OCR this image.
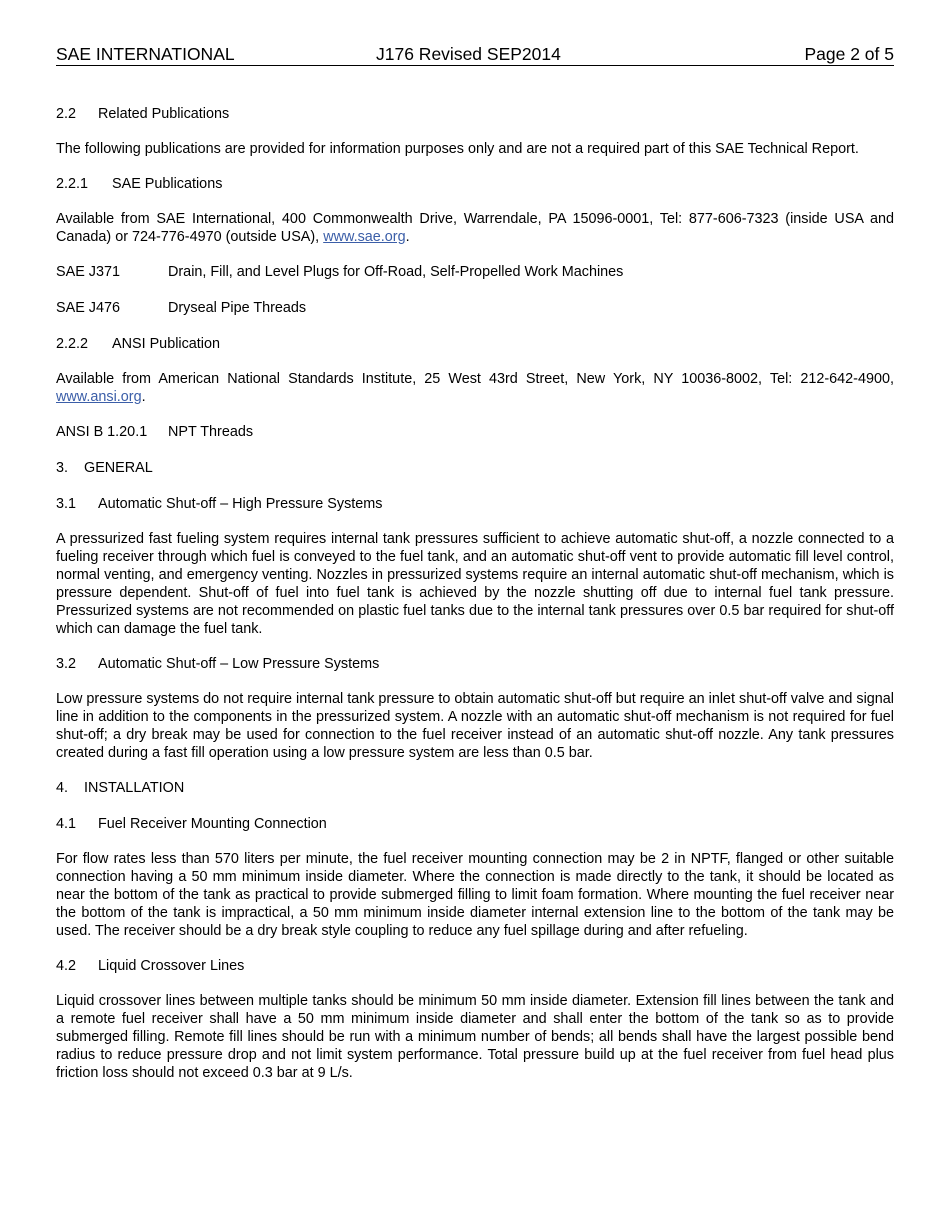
SAE INTERNATIONAL	J176 Revised SEP2014	Page 2 of 5

2.2 Related Publications

The following publications are provided for information purposes only and are not a required part of this SAE Technical Report.

2.2.1 SAE Publications

Available from SAE International, 400 Commonwealth Drive, Warrendale, PA 15096-0001, Tel: 877-606-7323 (inside USA and Canada) or 724-776-4970 (outside USA), www.sae.org.

SAE J371	Drain, Fill, and Level Plugs for Off-Road, Self-Propelled Work Machines

SAE J476	Dryseal Pipe Threads

2.2.2 ANSI Publication

Available from American National Standards Institute, 25 West 43rd Street, New York, NY 10036-8002, Tel: 212-642-4900, www.ansi.org.

ANSI B 1.20.1 NPT Threads

3. GENERAL

3.1 Automatic Shut-off – High Pressure Systems

A pressurized fast fueling system requires internal tank pressures sufficient to achieve automatic shut-off, a nozzle connected to a fueling receiver through which fuel is conveyed to the fuel tank, and an automatic shut-off vent to provide automatic fill level control, normal venting, and emergency venting. Nozzles in pressurized systems require an internal automatic shut-off mechanism, which is pressure dependent. Shut-off of fuel into fuel tank is achieved by the nozzle shutting off due to internal fuel tank pressure. Pressurized systems are not recommended on plastic fuel tanks due to the internal tank pressures over 0.5 bar required for shut-off which can damage the fuel tank.

3.2 Automatic Shut-off – Low Pressure Systems

Low pressure systems do not require internal tank pressure to obtain automatic shut-off but require an inlet shut-off valve and signal line in addition to the components in the pressurized system. A nozzle with an automatic shut-off mechanism is not required for fuel shut-off; a dry break may be used for connection to the fuel receiver instead of an automatic shut-off nozzle. Any tank pressures created during a fast fill operation using a low pressure system are less than 0.5 bar.

4. INSTALLATION

4.1 Fuel Receiver Mounting Connection

For flow rates less than 570 liters per minute, the fuel receiver mounting connection may be 2 in NPTF, flanged or other suitable connection having a 50 mm minimum inside diameter. Where the connection is made directly to the tank, it should be located as near the bottom of the tank as practical to provide submerged filling to limit foam formation. Where mounting the fuel receiver near the bottom of the tank is impractical, a 50 mm minimum inside diameter internal extension line to the bottom of the tank may be used. The receiver should be a dry break style coupling to reduce any fuel spillage during and after refueling.

4.2 Liquid Crossover Lines

Liquid crossover lines between multiple tanks should be minimum 50 mm inside diameter. Extension fill lines between the tank and a remote fuel receiver shall have a 50 mm minimum inside diameter and shall enter the bottom of the tank so as to provide submerged filling. Remote fill lines should be run with a minimum number of bends; all bends shall have the largest possible bend radius to reduce pressure drop and not limit system performance. Total pressure build up at the fuel receiver from fuel head plus friction loss should not exceed 0.3 bar at 9 L/s.
